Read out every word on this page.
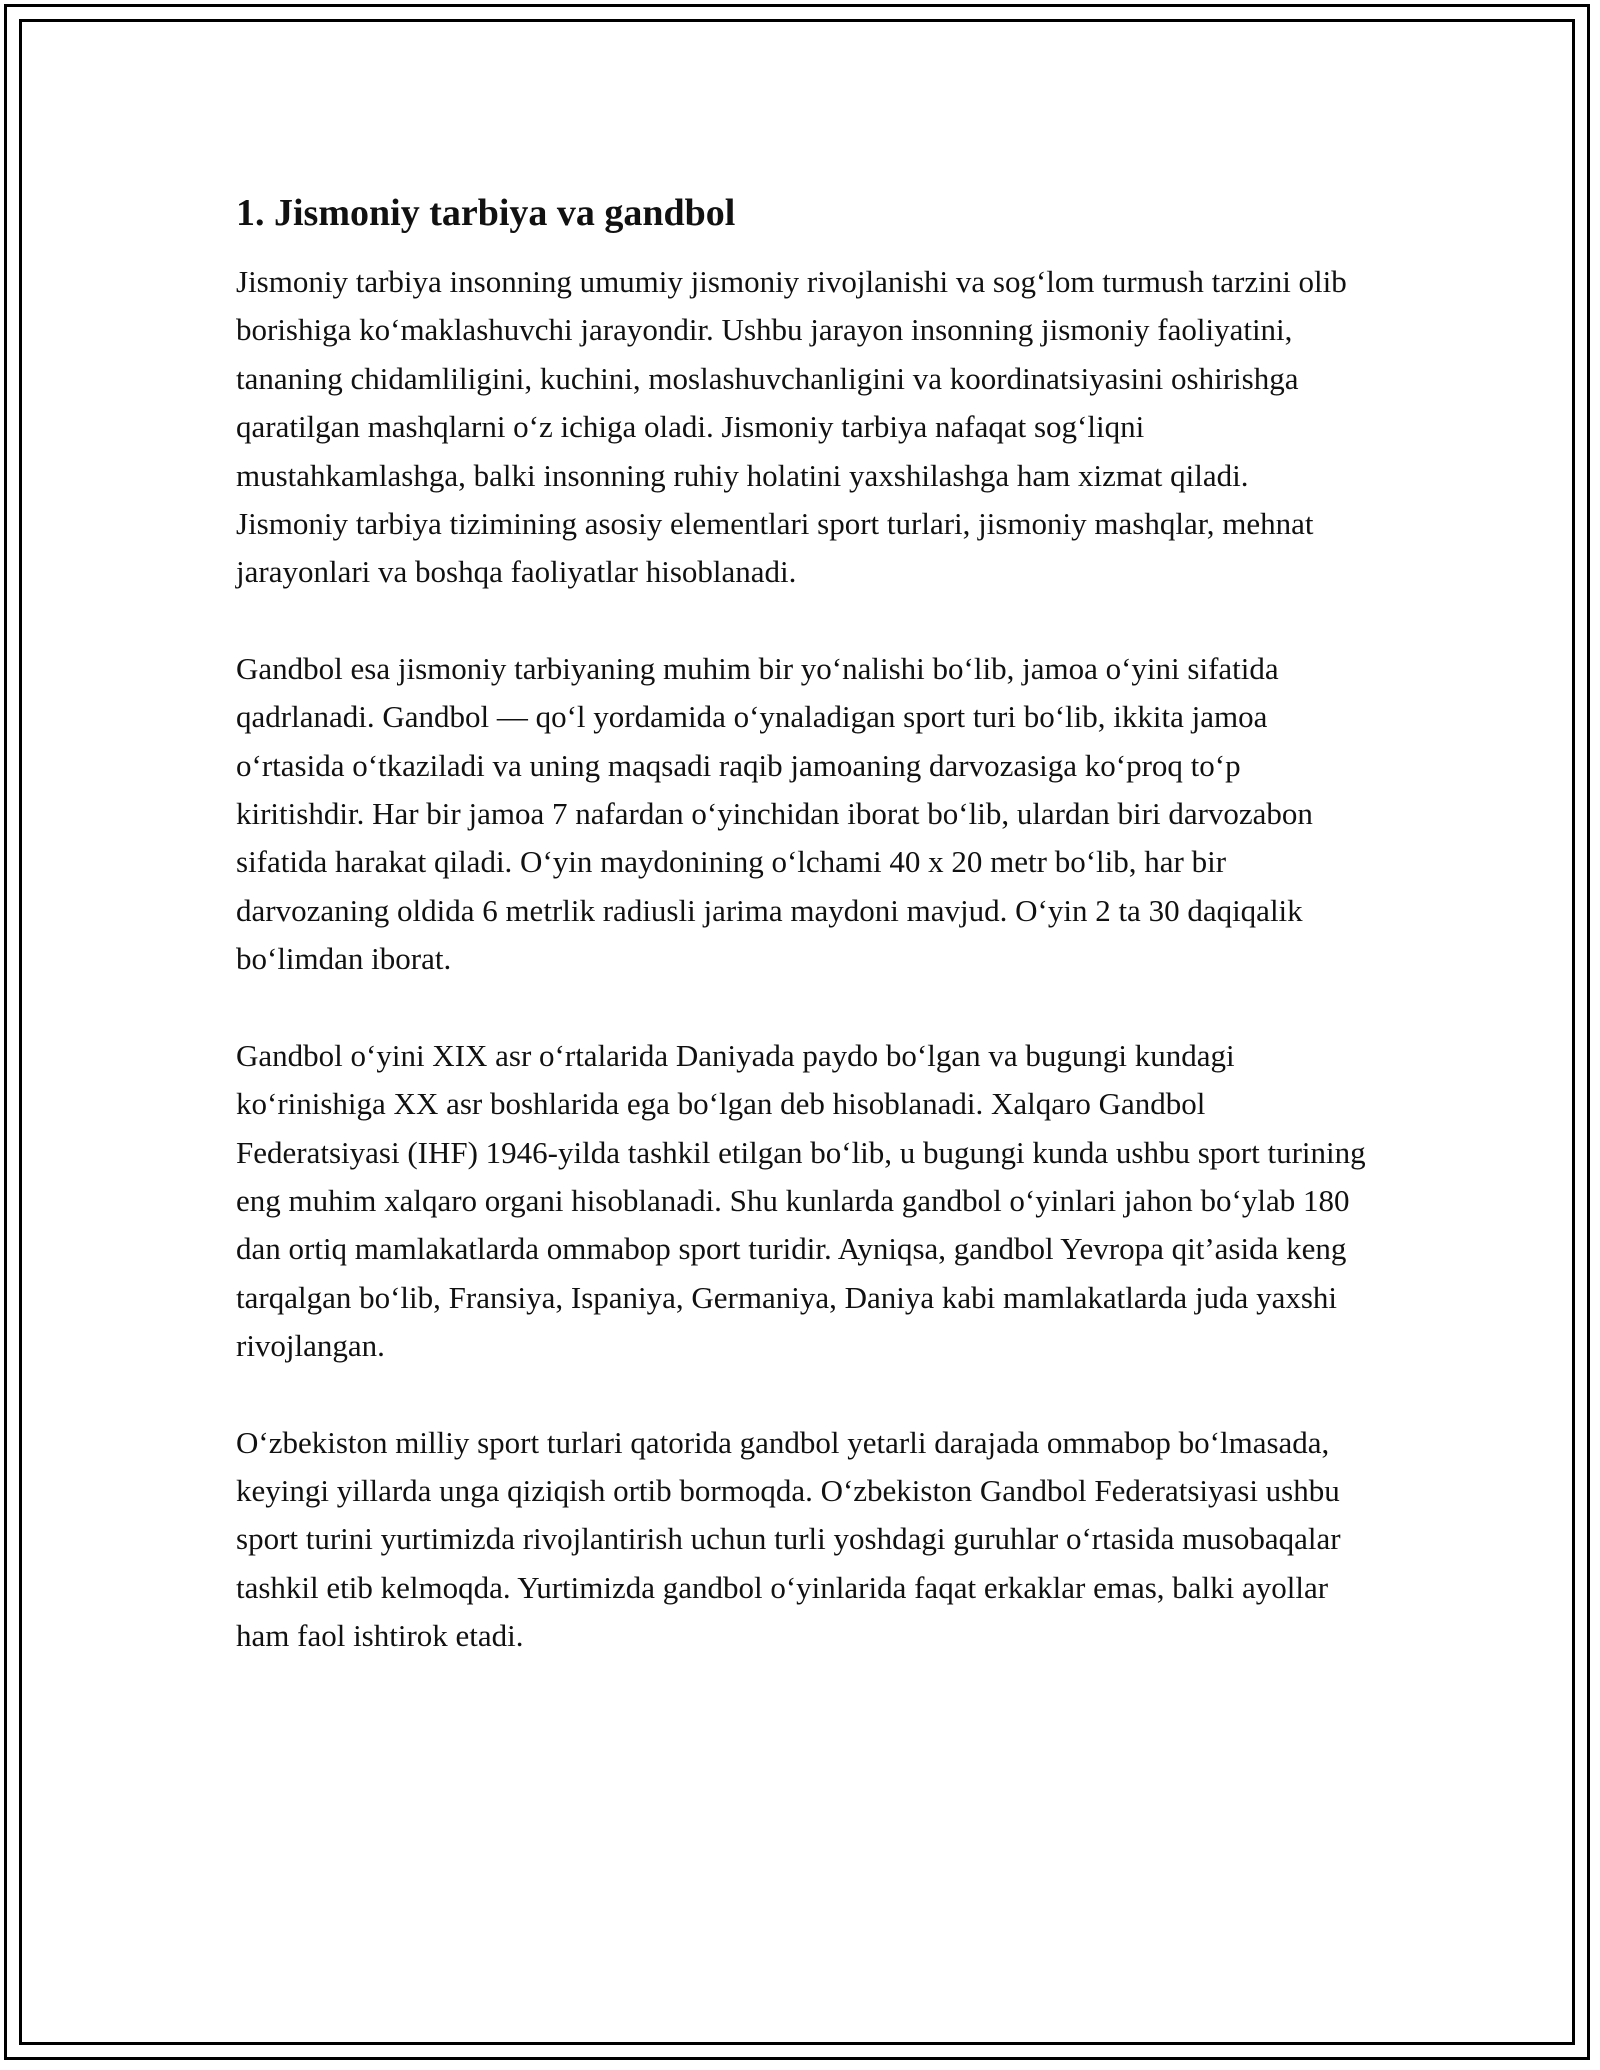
1. Jismoniy tarbiya va gandbol

Jismoniy tarbiya insonning umumiy jismoniy rivojlanishi va sog‘lom turmush tarzini olib borishiga ko‘maklashuvchi jarayondir. Ushbu jarayon insonning jismoniy faoliyatini, tananing chidamliligini, kuchini, moslashuvchanligini va koordinatsiyasini oshirishga qaratilgan mashqlarni o‘z ichiga oladi. Jismoniy tarbiya nafaqat sog‘liqni mustahkamlashga, balki insonning ruhiy holatini yaxshilashga ham xizmat qiladi. Jismoniy tarbiya tizimining asosiy elementlari sport turlari, jismoniy mashqlar, mehnat jarayonlari va boshqa faoliyatlar hisoblanadi.

Gandbol esa jismoniy tarbiyaning muhim bir yo‘nalishi bo‘lib, jamoa o‘yini sifatida qadrlanadi. Gandbol — qo‘l yordamida o‘ynaladigan sport turi bo‘lib, ikkita jamoa o‘rtasida o‘tkaziladi va uning maqsadi raqib jamoaning darvozasiga ko‘proq to‘p kiritishdir. Har bir jamoa 7 nafardan o‘yinchidan iborat bo‘lib, ulardan biri darvozabon sifatida harakat qiladi. O‘yin maydonining o‘lchami 40 x 20 metr bo‘lib, har bir darvozaning oldida 6 metrlik radiusli jarima maydoni mavjud. O‘yin 2 ta 30 daqiqalik bo‘limdan iborat.

Gandbol o‘yini XIX asr o‘rtalarida Daniyada paydo bo‘lgan va bugungi kundagi ko‘rinishiga XX asr boshlarida ega bo‘lgan deb hisoblanadi. Xalqaro Gandbol Federatsiyasi (IHF) 1946-yilda tashkil etilgan bo‘lib, u bugungi kunda ushbu sport turining eng muhim xalqaro organi hisoblanadi. Shu kunlarda gandbol o‘yinlari jahon bo‘ylab 180 dan ortiq mamlakatlarda ommabop sport turidir. Ayniqsa, gandbol Yevropa qit’asida keng tarqalgan bo‘lib, Fransiya, Ispaniya, Germaniya, Daniya kabi mamlakatlarda juda yaxshi rivojlangan.

O‘zbekiston milliy sport turlari qatorida gandbol yetarli darajada ommabop bo‘lmasada, keyingi yillarda unga qiziqish ortib bormoqda. O‘zbekiston Gandbol Federatsiyasi ushbu sport turini yurtimizda rivojlantirish uchun turli yoshdagi guruhlar o‘rtasida musobaqalar tashkil etib kelmoqda. Yurtimizda gandbol o‘yinlarida faqat erkaklar emas, balki ayollar ham faol ishtirok etadi.
